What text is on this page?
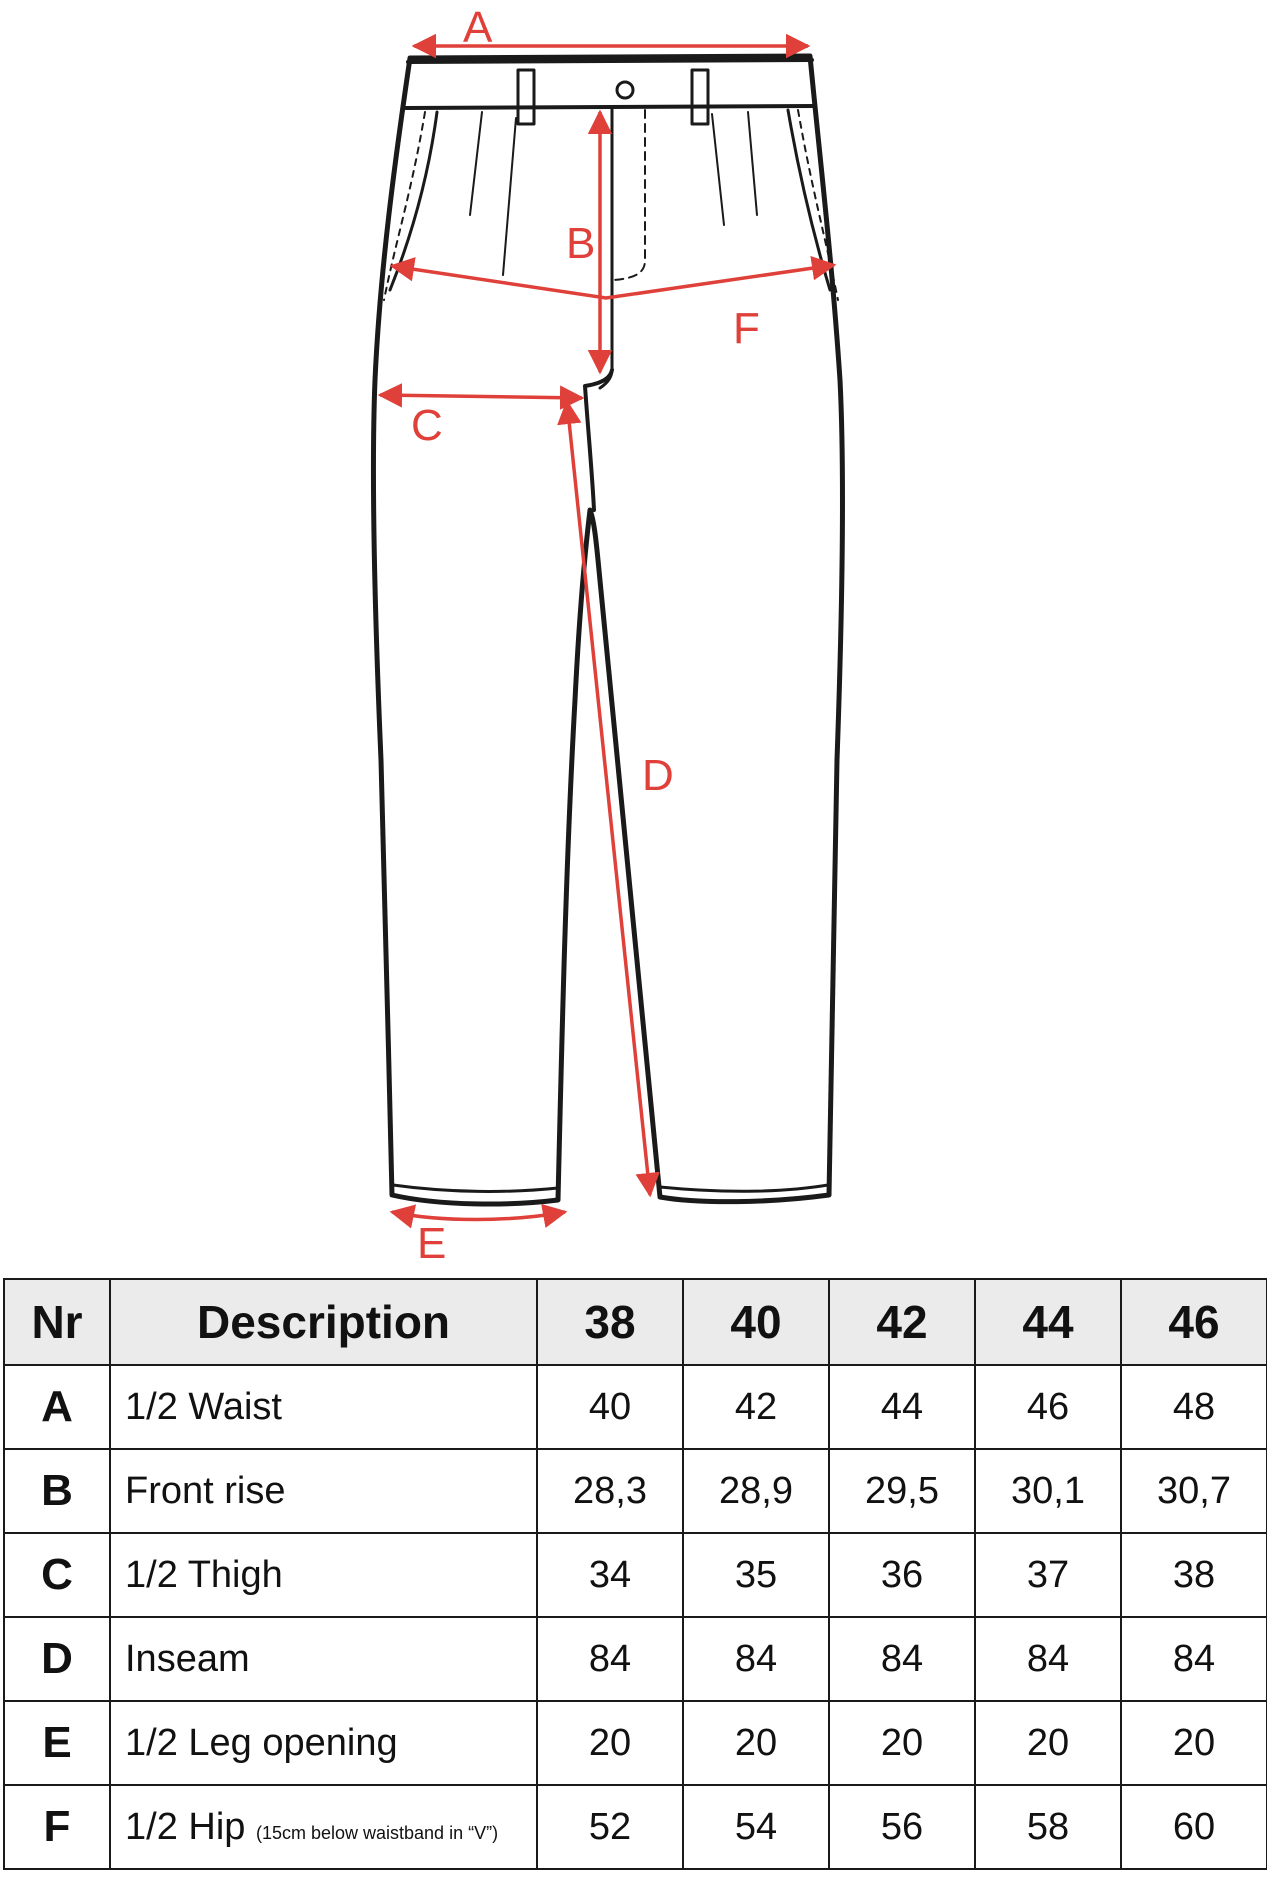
A
B
C
D
E
F
Nr	Description	38	40	42	44	46
A	1/2 Waist	40	42	44	46	48
B	Front rise	28,3	28,9	29,5	30,1	30,7
C	1/2 Thigh	34	35	36	37	38
D	Inseam	84	84	84	84	84
E	1/2 Leg opening	20	20	20	20	20
F	1/2 Hip (15cm below waistband in “V”)	52	54	56	58	60
